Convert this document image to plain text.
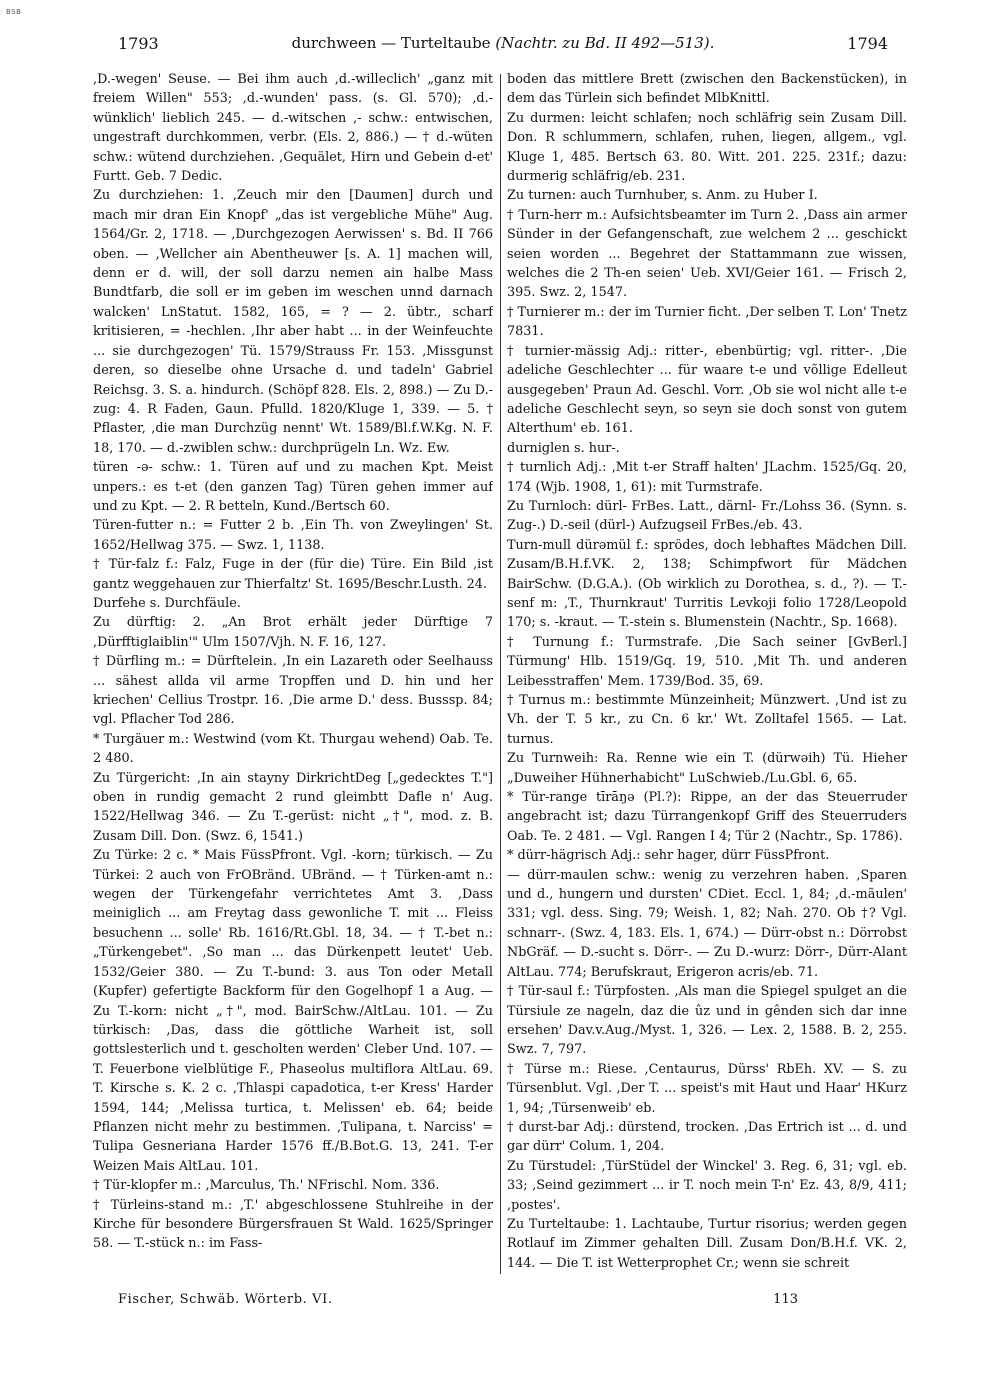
BSB
1793	durchween — Turteltaube (Nachtr. zu Bd. II 492—513).	1794

,D.-wegen' Seuse. — Bei ihm auch ,d.-willeclich' „ganz mit freiem Willen" 553; ,d.-wunden' pass. (s. Gl. 570); ,d.-wünklich' lieblich 245. — d.-witschen ,- schw.: entwischen, ungestraft durchkommen, verbr. (Els. 2, 886.) — † d.-wüten schw.: wütend durchziehen. ,Gequälet, Hirn und Gebein d-et' Furtt. Geb. 7 Dedic.

Zu durchziehen: 1. ,Zeuch mir den [Daumen] durch und mach mir dran Ein Knopf' „das ist vergebliche Mühe" Aug. 1564/Gr. 2, 1718. — ,Durchgezogen Aerwissen' s. Bd. II 766 oben. — ,Wellcher ain Abentheuwer [s. A. 1] machen will, denn er d. will, der soll darzu nemen ain halbe Mass Bundtfarb, die soll er im geben im weschen unnd darnach walcken' LnStatut. 1582, 165, = ? — 2. übtr., scharf kritisieren, = -hechlen. ,Ihr aber habt ... in der Weinfeuchte ... sie durchgezogen' Tü. 1579/Strauss Fr. 153. ,Missgunst deren, so dieselbe ohne Ursache d. und tadeln' Gabriel Reichsg. 3. S. a. hindurch. (Schöpf 828. Els. 2, 898.) — Zu D.-zug: 4. R Faden, Gaun. Pfulld. 1820/Kluge 1, 339. — 5. † Pflaster, ,die man Durchzüg nennt' Wt. 1589/Bl.f.W.Kg. N. F. 18, 170. — d.-zwiblen schw.: durchprügeln Ln. Wz. Ew.

türen -ə- schw.: 1. Türen auf und zu machen Kpt. Meist unpers.: es t-et (den ganzen Tag) Türen gehen immer auf und zu Kpt. — 2. R betteln, Kund./Bertsch 60.

Türen-futter n.: = Futter 2 b. ,Ein Th. von Zweylingen' St. 1652/Hellwag 375. — Swz. 1, 1138.

† Tür-falz f.: Falz, Fuge in der (für die) Türe. Ein Bild ,ist gantz weggehauen zur Thierfaltz' St. 1695/Beschr.Lusth. 24.

Durfehe s. Durchfäule.

Zu dürftig: 2. „An Brot erhält jeder Dürftige 7 ,Dürfftiglaiblin'" Ulm 1507/Vjh. N. F. 16, 127.

† Dürfling m.: = Dürftelein. ,In ein Lazareth oder Seelhauss ... sähest allda vil arme Tropffen und D. hin und her kriechen' Cellius Trostpr. 16. ,Die arme D.' dess. Busssp. 84; vgl. Pflacher Tod 286.

* Turgäuer m.: Westwind (vom Kt. Thurgau wehend) Oab. Te. 2 480.

Zu Türgericht: ,In ain stayny DirkrichtDeg [„gedecktes T."] oben in rundig gemacht 2 rund gleimbtt Dafle n' Aug. 1522/Hellwag 346. — Zu T.-gerüst: nicht „†", mod. z. B. Zusam Dill. Don. (Swz. 6, 1541.)

Zu Türke: 2 c. * Mais FüssPfront. Vgl. -korn; türkisch. — Zu Türkei: 2 auch von FrOBränd. UBränd. — † Türken-amt n.: wegen der Türkengefahr verrichtetes Amt 3. ,Dass meiniglich ... am Freytag dass gewonliche T. mit ... Fleiss besuchenn ... solle' Rb. 1616/Rt.Gbl. 18, 34. — † T.-bet n.: „Türkengebet". ,So man ... das Dürkenpett leutet' Ueb. 1532/Geier 380. — Zu T.-bund: 3. aus Ton oder Metall (Kupfer) gefertigte Backform für den Gogelhopf 1 a Aug. — Zu T.-korn: nicht „†", mod. BairSchw./AltLau. 101. — Zu türkisch: ,Das, dass die göttliche Warheit ist, soll gottslesterlich und t. gescholten werden' Cleber Und. 107. — T. Feuerbone vielblütige F., Phaseolus multiflora AltLau. 69. T. Kirsche s. K. 2 c. ,Thlaspi capadotica, t-er Kress' Harder 1594, 144; ,Melissa turtica, t. Melissen' eb. 64; beide Pflanzen nicht mehr zu bestimmen. ,Tulipana, t. Narciss' = Tulipa Gesneriana Harder 1576 ff./B.Bot.G. 13, 241. T-er Weizen Mais AltLau. 101.

† Tür-klopfer m.: ,Marculus, Th.' NFrischl. Nom. 336.

† Türleins-stand m.: ,T.' abgeschlossene Stuhlreihe in der Kirche für besondere Bürgersfrauen St Wald. 1625/Springer 58. — T.-stück n.: im Fass-

boden das mittlere Brett (zwischen den Backenstücken), in dem das Türlein sich befindet MlbKnittl.

Zu durmen: leicht schlafen; noch schläfrig sein Zusam Dill. Don. R schlummern, schlafen, ruhen, liegen, allgem., vgl. Kluge 1, 485. Bertsch 63. 80. Witt. 201. 225. 231f.; dazu: durmerig schläfrig/eb. 231.

Zu turnen: auch Turnhuber, s. Anm. zu Huber I.

† Turn-herr m.: Aufsichtsbeamter im Turn 2. ,Dass ain armer Sünder in der Gefangenschaft, zue welchem 2 ... geschickt seien worden ... Begehret der Stattammann zue wissen, welches die 2 Th-en seien' Ueb. XVI/Geier 161. — Frisch 2, 395. Swz. 2, 1547.

† Turnierer m.: der im Turnier ficht. ,Der selben T. Lon' Tnetz 7831.

† turnier-mässig Adj.: ritter-, ebenbürtig; vgl. ritter-. ,Die adeliche Geschlechter ... für waare t-e und võllige Edelleut ausgegeben' Praun Ad. Geschl. Vorr. ,Ob sie wol nicht alle t-e adeliche Geschlecht seyn, so seyn sie doch sonst von gutem Alterthum' eb. 161.

durniglen s. hur-.

† turnlich Adj.: ,Mit t-er Straff halten' JLachm. 1525/Gq. 20, 174 (Wjb. 1908, 1, 61): mit Turmstrafe.

Zu Turnloch: dürl- FrBes. Latt., därnl- Fr./Lohss 36. (Synn. s. Zug-.) D.-seil (dürl-) Aufzugseil FrBes./eb. 43.

Turn-mull dürəmül f.: sprödes, doch lebhaftes Mädchen Dill. Zusam/B.H.f.VK. 2, 138; Schimpfwort für Mädchen BairSchw. (D.G.A.). (Ob wirklich zu Dorothea, s. d., ?). — T.-senf m: ,T., Thurnkraut' Turritis Levkoji folio 1728/Leopold 170; s. -kraut. — T.-stein s. Blumenstein (Nachtr., Sp. 1668).

† Turnung f.: Turmstrafe. ,Die Sach seiner [GvBerl.] Türmung' Hlb. 1519/Gq. 19, 510. ,Mit Th. und anderen Leibesstraffen' Mem. 1739/Bod. 35, 69.

† Turnus m.: bestimmte Münzeinheit; Münzwert. ,Und ist zu Vh. der T. 5 kr., zu Cn. 6 kr.' Wt. Zolltafel 1565. — Lat. turnus.

Zu Turnweih: Ra. Renne wie ein T. (dürwəih) Tü. Hieher „Duweiher Hühnerhabicht" LuSchwieb./Lu.Gbl. 6, 65.

* Tür-range tīrāŋə (Pl.?): Rippe, an der das Steuerruder angebracht ist; dazu Türrangenkopf Griff des Steuerruders Oab. Te. 2 481. — Vgl. Rangen I 4; Tür 2 (Nachtr., Sp. 1786).

* dürr-hägrisch Adj.: sehr hager, dürr FüssPfront.

— dürr-maulen schw.: wenig zu verzehren haben. ,Sparen und d., hungern und dursten' CDiet. Eccl. 1, 84; ,d.-mãulen' 331; vgl. dess. Sing. 79; Weish. 1, 82; Nah. 270. Ob †? Vgl. schnarr-. (Swz. 4, 183. Els. 1, 674.) — Dürr-obst n.: Dörrobst NbGräf. — D.-sucht s. Dörr-. — Zu D.-wurz: Dörr-, Dürr-Alant AltLau. 774; Berufskraut, Erigeron acris/eb. 71.

† Tür-saul f.: Türpfosten. ,Als man die Spiegel spulget an die Türsiule ze nageln, daz die ûz und in gênden sich dar inne ersehen' Dav.v.Aug./Myst. 1, 326. — Lex. 2, 1588. B. 2, 255. Swz. 7, 797.

† Türse m.: Riese. ,Centaurus, Dürss' RbEh. XV. — S. zu Türsenblut. Vgl. ,Der T. ... speist's mit Haut und Haar' HKurz 1, 94; ,Türsenweib' eb.

† durst-bar Adj.: dürstend, trocken. ,Das Ertrich ist ... d. und gar dürr' Colum. 1, 204.

Zu Türstudel: ,TürStüdel der Winckel' 3. Reg. 6, 31; vgl. eb. 33; ,Seind gezimmert ... ir T. noch mein T-n' Ez. 43, 8/9, 411; ,postes'.

Zu Turteltaube: 1. Lachtaube, Turtur risorius; werden gegen Rotlauf im Zimmer gehalten Dill. Zusam Don/B.H.f. VK. 2, 144. — Die T. ist Wetterprophet Cr.; wenn sie schreit

Fischer, Schwäb. Wörterb. VI.	113
